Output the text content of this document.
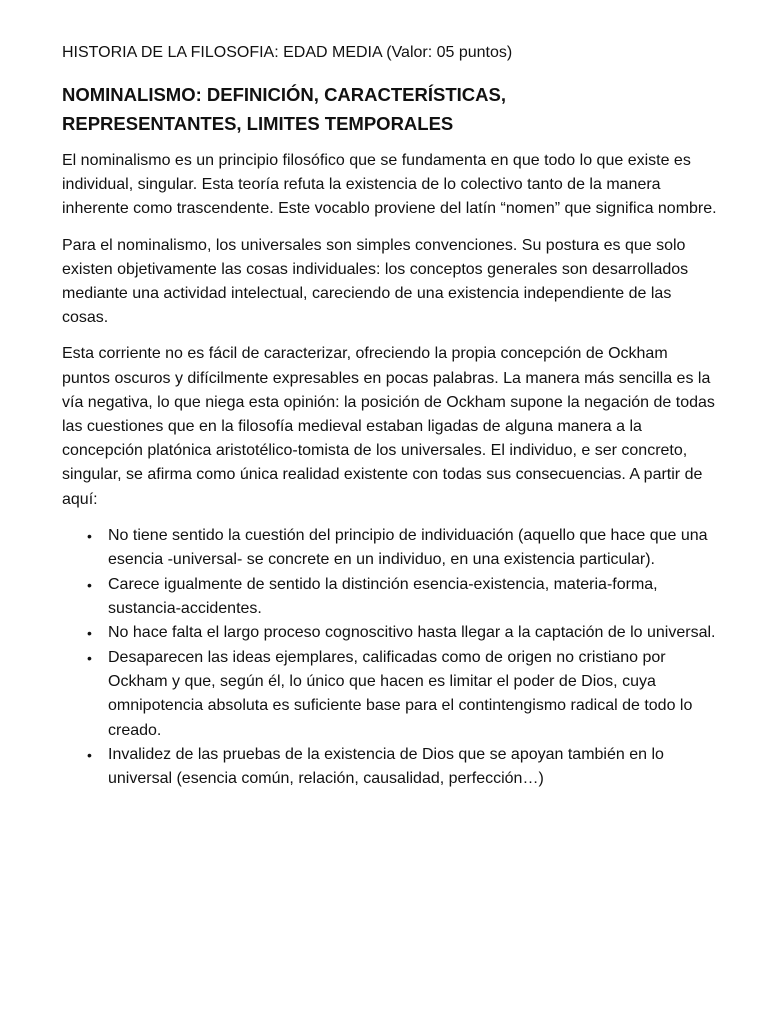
HISTORIA DE LA FILOSOFIA: EDAD MEDIA (Valor: 05 puntos)
NOMINALISMO: DEFINICIÓN, CARACTERÍSTICAS,
REPRESENTANTES, LIMITES TEMPORALES

El nominalismo es un principio filosófico que se fundamenta en que todo lo que existe es individual, singular. Esta teoría refuta la existencia de lo colectivo tanto de la manera inherente como trascendente. Este vocablo proviene del latín “nomen” que significa nombre.

Para el nominalismo, los universales son simples convenciones. Su postura es que solo existen objetivamente las cosas individuales: los conceptos generales son desarrollados mediante una actividad intelectual, careciendo de una existencia independiente de las cosas.

Esta corriente no es fácil de caracterizar, ofreciendo la propia concepción de Ockham puntos oscuros y difícilmente expresables en pocas palabras. La manera más sencilla es la vía negativa, lo que niega esta opinión: la posición de Ockham supone la negación de todas las cuestiones que en la filosofía medieval estaban ligadas de alguna manera a la concepción platónica aristotélico-tomista de los universales. El individuo, e ser concreto, singular, se afirma como única realidad existente con todas sus consecuencias. A partir de aquí:

• No tiene sentido la cuestión del principio de individuación (aquello que hace que una esencia -universal- se concrete en un individuo, en una existencia particular).
• Carece igualmente de sentido la distinción esencia-existencia, materia-forma, sustancia-accidentes.
• No hace falta el largo proceso cognoscitivo hasta llegar a la captación de lo universal.
• Desaparecen las ideas ejemplares, calificadas como de origen no cristiano por Ockham y que, según él, lo único que hacen es limitar el poder de Dios, cuya omnipotencia absoluta es suficiente base para el contintengismo radical de todo lo creado.
• Invalidez de las pruebas de la existencia de Dios que se apoyan también en lo universal (esencia común, relación, causalidad, perfección…)
